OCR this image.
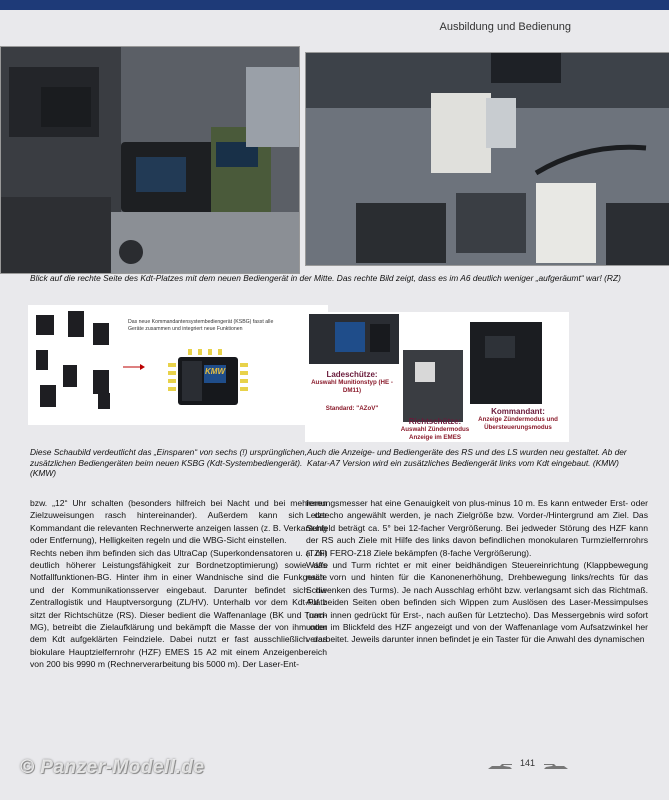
Ausbildung und Bedienung
Blick auf die rechte Seite des Kdt-Platzes mit dem neuen Bediengerät in der Mitte. Das rechte Bild zeigt, dass es im A6 deutlich weniger „aufgeräumt“ war! (RZ)
Das neue Kommandantensystembediengerät (KSBG) fasst alle Geräte zusammen und integriert neue Funktionen
KMW
Diese Schaubild verdeutlicht das „Einsparen“ von sechs (!) ursprünglichen, zusätzlichen Bediengeräten beim neuen KSBG (Kdt-Systembediengerät). (KMW)
Ladeschütze:
Auswahl Munitionstyp (HE - DM11)
Standard: "AZoV"
Richtschütze:
Auswahl Zündermodus Anzeige im EMES
Kommandant:
Anzeige Zündermodus und Übersteuerungsmodus
Auch die Anzeige- und Bediengeräte des RS und des LS wurden neu gestaltet. Ab der Katar-A7 Version wird ein zusätzliches Bediengerät links vom Kdt eingebaut. (KMW)

bzw. „12“ Uhr schalten (besonders hilfreich bei Nacht und bei mehreren Zielzuweisungen rasch hintereinander). Außerdem kann sich der Kommandant die relevanten Rechnerwerte anzeigen lassen (z. B. Verkantung oder Entfernung), Helligkeiten regeln und die WBG-Sicht einstellen.

Rechts neben ihm befinden sich das UltraCap (Superkondensatoren u. a. mit deutlich höherer Leistungsfähigkeit zur Bordnetzoptimierung) sowie das Notfallfunktionen-BG. Hinter ihm in einer Wandnische sind die Funkgeräte und der Kommunikationsserver eingebaut. Darunter befindet sich die Zentrallogistik und Hauptversorgung (ZL/HV). Unterhalb vor dem Kdt-Platz sitzt der Richtschütze (RS). Dieser bedient die Waffenanlage (BK und Turm-MG), betreibt die Zielaufklärung und bekämpft die Masse der von ihm oder dem Kdt aufgeklärten Feindziele. Dabei nutzt er fast ausschließlich das biokulare Hauptzielfernrohr (HZF) EMES 15 A2 mit einem Anzeigenbereich von 200 bis 9990 m (Rechnerverarbeitung bis 5000 m). Der Laser-Ent-

fernungsmesser hat eine Genauigkeit von plus-minus 10 m. Es kann entweder Erst- oder Letztecho angewählt werden, je nach Zielgröße bzw. Vorder-/Hintergrund am Ziel. Das Sehfeld beträgt ca. 5° bei 12-facher Vergrößerung. Bei jedweder Störung des HZF kann der RS auch Ziele mit Hilfe des links davon befindlichen monokularen Turmzielfernrohrs (TZF) FERO-Z18 Ziele bekämpfen (8-fache Vergrößerung).

Waffe und Turm richtet er mit einer beidhändigen Steuereinrichtung (Klappbewegung nach vorn und hinten für die Kanonenerhöhung, Drehbewegung links/rechts für das Schwenken des Turms). Je nach Ausschlag erhöht bzw. verlangsamt sich das Richtmaß. Auf beiden Seiten oben befinden sich Wippen zum Auslösen des Laser-Messimpulses (nach innen gedrückt für Erst-, nach außen für Letztecho). Das Messergebnis wird sofort unten im Blickfeld des HZF angezeigt und von der Waffenanlage vom Aufsatzwinkel her verarbeitet. Jeweils darunter innen befindet je ein Taster für die Anwahl des dynamischen

141
© Panzer-Modell.de
